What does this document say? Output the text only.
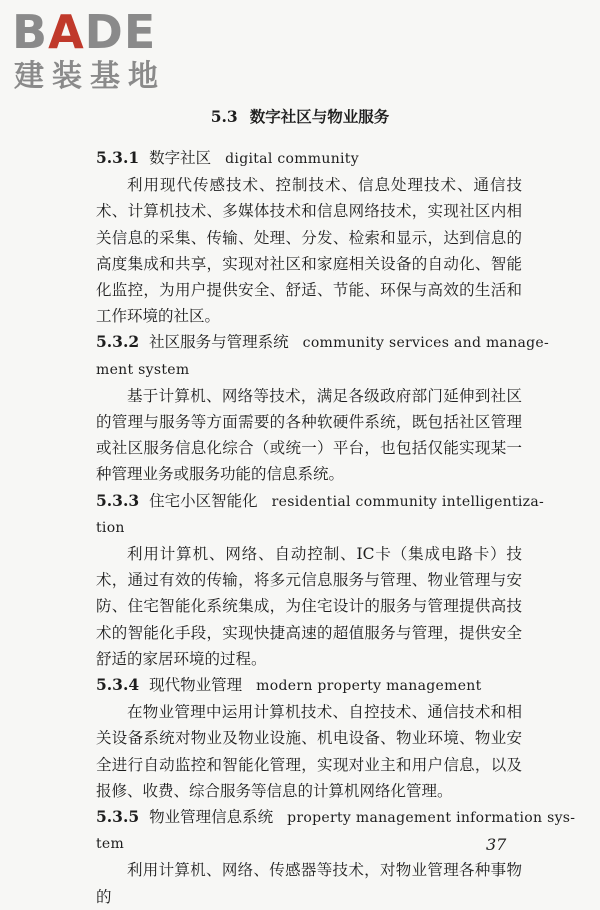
BADE
建装基地
5.3 数字社区与物业服务
5.3.1 数字社区 digital community
利用现代传感技术、控制技术、信息处理技术、通信技术、计算机技术、多媒体技术和信息网络技术，实现社区内相关信息的采集、传输、处理、分发、检索和显示，达到信息的高度集成和共享，实现对社区和家庭相关设备的自动化、智能化监控，为用户提供安全、舒适、节能、环保与高效的生活和工作环境的社区。
5.3.2 社区服务与管理系统 community services and manage-
ment system
基于计算机、网络等技术，满足各级政府部门延伸到社区的管理与服务等方面需要的各种软硬件系统，既包括社区管理或社区服务信息化综合（或统一）平台，也包括仅能实现某一种管理业务或服务功能的信息系统。
5.3.3 住宅小区智能化 residential community intelligentiza-
tion
利用计算机、网络、自动控制、IC卡（集成电路卡）技术，通过有效的传输，将多元信息服务与管理、物业管理与安防、住宅智能化系统集成，为住宅设计的服务与管理提供高技术的智能化手段，实现快捷高速的超值服务与管理，提供安全舒适的家居环境的过程。
5.3.4 现代物业管理 modern property management
在物业管理中运用计算机技术、自控技术、通信技术和相关设备系统对物业及物业设施、机电设备、物业环境、物业安全进行自动监控和智能化管理，实现对业主和用户信息，以及报修、收费、综合服务等信息的计算机网络化管理。
5.3.5 物业管理信息系统 property management information sys-
tem
利用计算机、网络、传感器等技术，对物业管理各种事物的
37
